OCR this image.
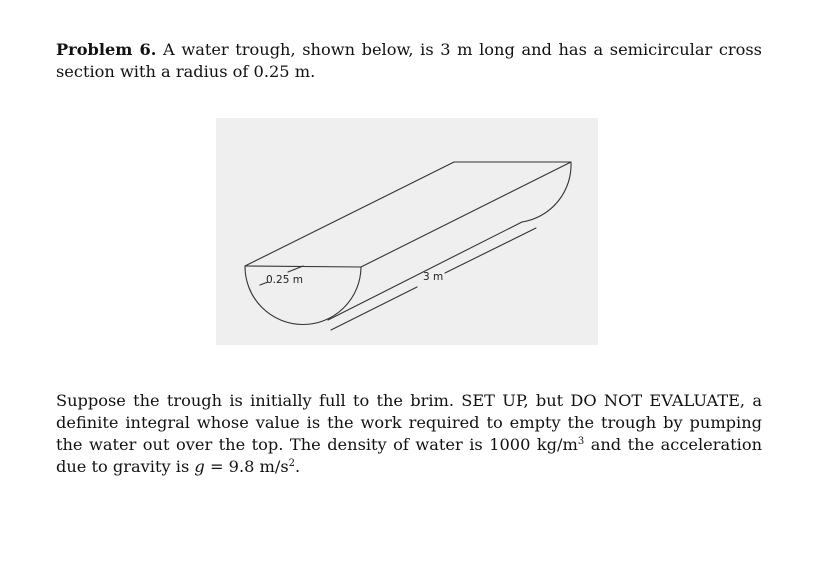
Problem 6. A water trough, shown below, is 3 m long and has a semicircular cross section with a radius of 0.25 m.
0.25 m	3 m
Suppose the trough is initially full to the brim. SET UP, but DO NOT EVALUATE, a definite integral whose value is the work required to empty the trough by pumping the water out over the top. The density of water is 1000 $kg/m^3$ and the acceleration due to gravity is g = 9.8 $m/s^2$.
